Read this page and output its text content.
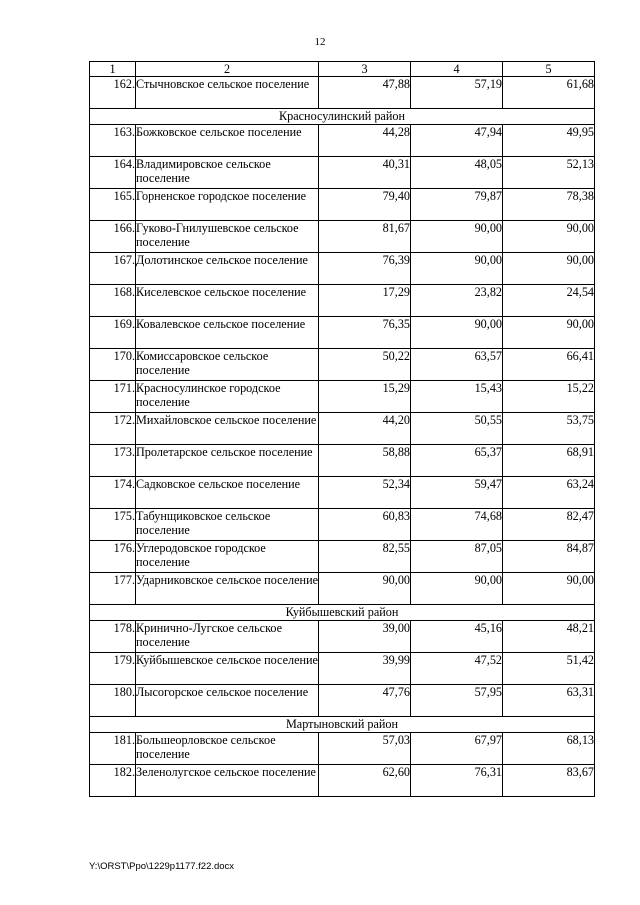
12
1	2	3	4	5
162.	Стычновское сельское поселение	47,88	57,19	61,68
Красносулинский район				
163.	Божковское сельское поселение	44,28	47,94	49,95
164.	Владимировское сельское поселение	40,31	48,05	52,13
165.	Горненское городское поселение	79,40	79,87	78,38
166.	Гуково-Гнилушевское сельское поселение	81,67	90,00	90,00
167.	Долотинское сельское поселение	76,39	90,00	90,00
168.	Киселевское сельское поселение	17,29	23,82	24,54
169.	Ковалевское сельское поселение	76,35	90,00	90,00
170.	Комиссаровское сельское поселение	50,22	63,57	66,41
171.	Красносулинское городское поселение	15,29	15,43	15,22
172.	Михайловское сельское поселение	44,20	50,55	53,75
173.	Пролетарское сельское поселение	58,88	65,37	68,91
174.	Садковское сельское поселение	52,34	59,47	63,24
175.	Табунщиковское сельское поселение	60,83	74,68	82,47
176.	Углеродовское городское поселение	82,55	87,05	84,87
177.	Ударниковское сельское поселение	90,00	90,00	90,00
Куйбышевский район				
178.	Кринично-Лугское сельское поселение	39,00	45,16	48,21
179.	Куйбышевское сельское поселение	39,99	47,52	51,42
180.	Лысогорское сельское поселение	47,76	57,95	63,31
Мартыновский район				
181.	Большеорловское сельское поселение	57,03	67,97	68,13
182.	Зеленолугское сельское поселение	62,60	76,31	83,67
Y:\ORST\Ppo\1229p1177.f22.docx
